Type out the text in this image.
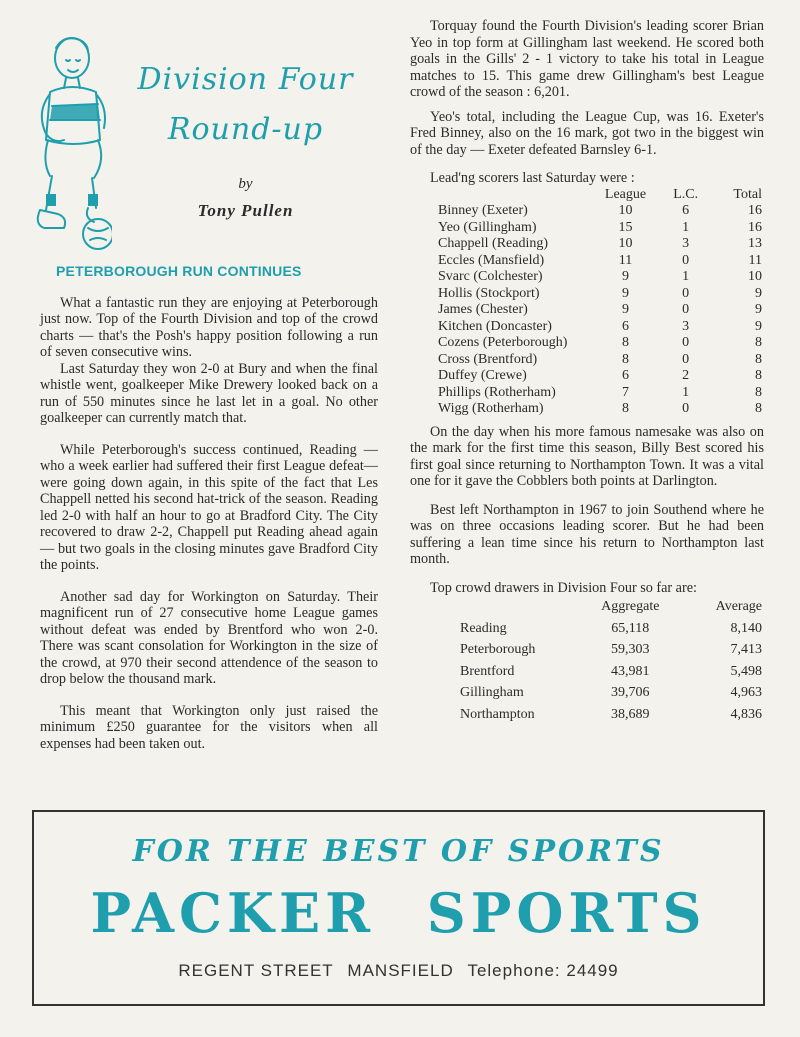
Division Four
Round-up
by
Tony Pullen
PETERBOROUGH RUN CONTINUES

What a fantastic run they are enjoying at Peterborough just now. Top of the Fourth Division and top of the crowd charts — that's the Posh's happy position following a run of seven consecutive wins.

Last Saturday they won 2-0 at Bury and when the final whistle went, goalkeeper Mike Drewery looked back on a run of 550 minutes since he last let in a goal. No other goalkeeper can currently match that.

While Peterborough's success continued, Reading —who a week earlier had suffered their first League defeat—were going down again, in this spite of the fact that Les Chappell netted his second hat-trick of the season. Reading led 2-0 with half an hour to go at Bradford City. The City recovered to draw 2-2, Chappell put Reading ahead again — but two goals in the closing minutes gave Bradford City the points.

Another sad day for Workington on Saturday. Their magnificent run of 27 consecutive home League games without defeat was ended by Brentford who won 2-0. There was scant consolation for Workington in the size of the crowd, at 970 their second attendence of the season to drop below the thousand mark.

This meant that Workington only just raised the minimum £250 guarantee for the visitors when all expenses had been taken out.

Torquay found the Fourth Division's leading scorer Brian Yeo in top form at Gillingham last weekend. He scored both goals in the Gills' 2 - 1 victory to take his total in League matches to 15. This game drew Gillingham's best League crowd of the season : 6,201.

Yeo's total, including the League Cup, was 16. Exeter's Fred Binney, also on the 16 mark, got two in the biggest win of the day — Exeter defeated Barnsley 6-1.

Lead'ng scorers last Saturday were :

	League	L.C.	Total
Binney (Exeter)	10	6	16
Yeo (Gillingham)	15	1	16
Chappell (Reading)	10	3	13
Eccles (Mansfield)	11	0	11
Svarc (Colchester)	9	1	10
Hollis (Stockport)	9	0	9
James (Chester)	9	0	9
Kitchen (Doncaster)	6	3	9
Cozens (Peterborough)	8	0	8
Cross (Brentford)	8	0	8
Duffey (Crewe)	6	2	8
Phillips (Rotherham)	7	1	8
Wigg (Rotherham)	8	0	8

On the day when his more famous namesake was also on the mark for the first time this season, Billy Best scored his first goal since returning to Northampton Town. It was a vital one for it gave the Cobblers both points at Darlington.

Best left Northampton in 1967 to join Southend where he was on three occasions leading scorer. But he had been suffering a lean time since his return to Northampton last month.

Top crowd drawers in Division Four so far are:

	Aggregate	Average
Reading	65,118	8,140
Peterborough	59,303	7,413
Brentford	43,981	5,498
Gillingham	39,706	4,963
Northampton	38,689	4,836
FOR THE BEST OF SPORTS
PACKER SPORTS
REGENT STREET MANSFIELD Telephone: 24499
